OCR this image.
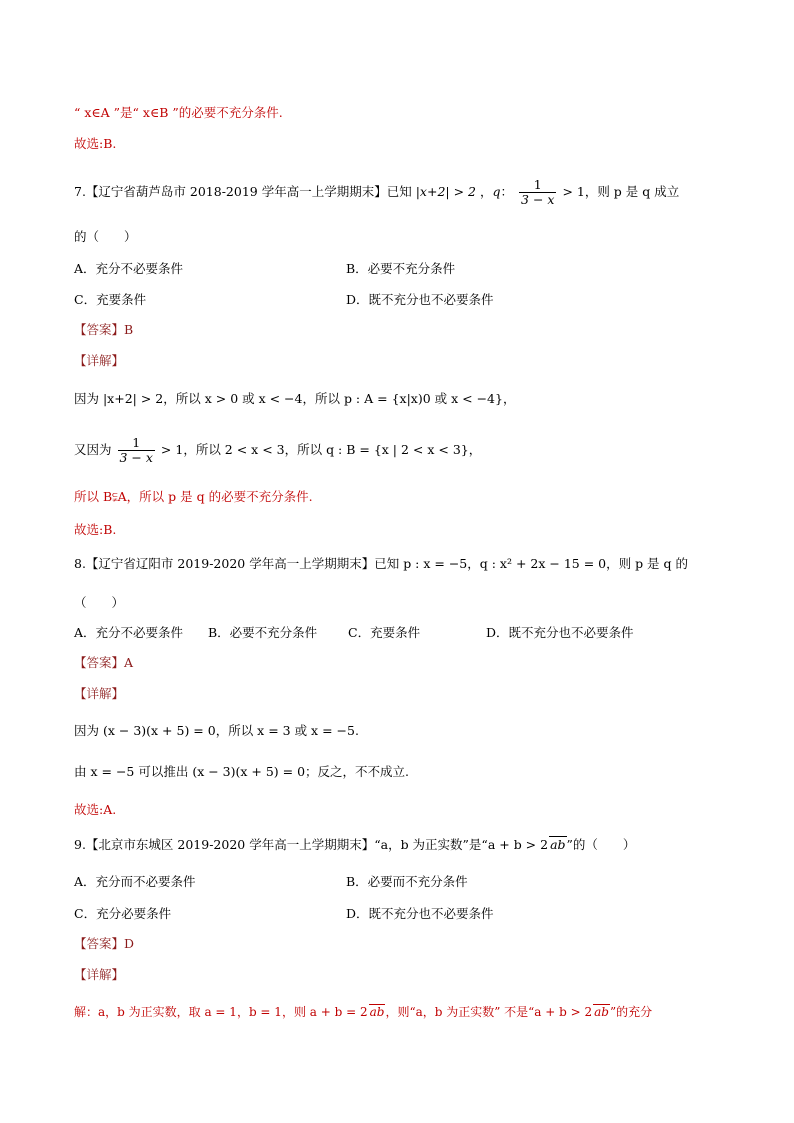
“ x∈A ”是“ x∈B ”的必要不充分条件.
故选:B.
7.【辽宁省葫芦岛市 2018-2019 学年高一上学期期末】已知 |x+2| > 2 ，q： $\frac{1}{3 - x} > 1$，则 p 是 q 成立
的（　　）
A．充分不必要条件	B．必要不充分条件
C．充要条件	D．既不充分也不必要条件
【答案】B
【详解】
因为 |x+2| > 2，所以 x > 0 或 x < −4，所以 p : A = {x|x)0 或 x < −4}，
又因为 $\frac{1}{3 - x} > 1$，所以 2 < x < 3，所以 q : B = {x | 2 < x < 3}，
所以 B⫋A，所以 p 是 q 的必要不充分条件.
故选:B.
8.【辽宁省辽阳市 2019-2020 学年高一上学期期末】已知 p : x = −5，q : x² + 2x − 15 = 0，则 p 是 q 的
（　　）
A．充分不必要条件 B．必要不充分条件 C．充要条件	D．既不充分也不必要条件
【答案】A
【详解】
因为 (x − 3)(x + 5) = 0，所以 x = 3 或 x = −5.
由 x = −5 可以推出 (x − 3)(x + 5) = 0；反之，不不成立.
故选:A.
9.【北京市东城区 2019-2020 学年高一上学期期末】“a，b 为正实数”是“a + b > 2 ab”的（　　）
A．充分而不必要条件	B．必要而不充分条件
C．充分必要条件	D．既不充分也不必要条件
【答案】D
【详解】
解：a，b 为正实数，取 a = 1，b = 1，则 a + b = 2 ab，则“a，b 为正实数” 不是“a + b > 2 ab”的充分
